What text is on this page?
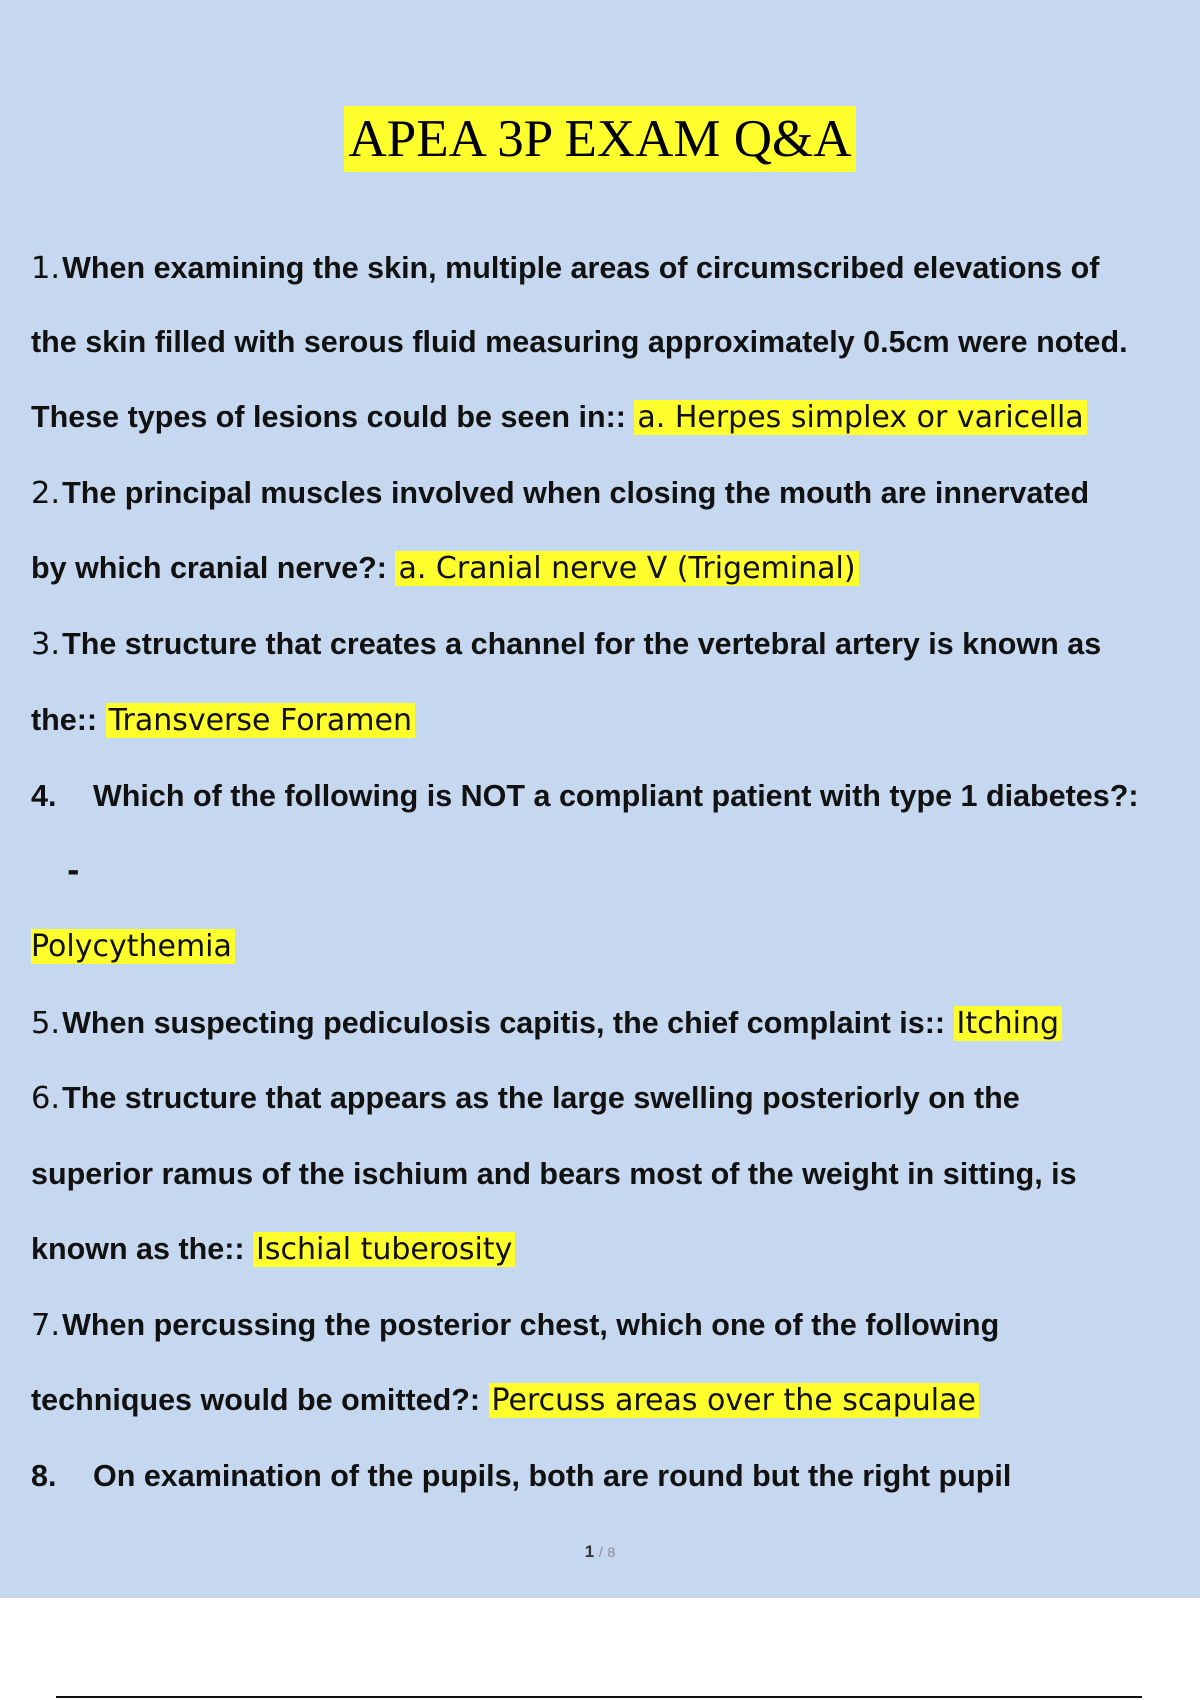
APEA 3P EXAM Q&A
1.When examining the skin, multiple areas of circumscribed elevations of
the skin filled with serous fluid measuring approximately 0.5cm were noted.
These types of lesions could be seen in:: a. Herpes simplex or varicella
2.The principal muscles involved when closing the mouth are innervated
by which cranial nerve?: a. Cranial nerve V (Trigeminal)
3.The structure that creates a channel for the vertebral artery is known as
the:: Transverse Foramen
4. Which of the following is NOT a compliant patient with type 1 diabetes?:
-
Polycythemia
5.When suspecting pediculosis capitis, the chief complaint is:: Itching
6.The structure that appears as the large swelling posteriorly on the
superior ramus of the ischium and bears most of the weight in sitting, is
known as the:: Ischial tuberosity
7.When percussing the posterior chest, which one of the following
techniques would be omitted?: Percuss areas over the scapulae
8. On examination of the pupils, both are round but the right pupil
1 / 8
